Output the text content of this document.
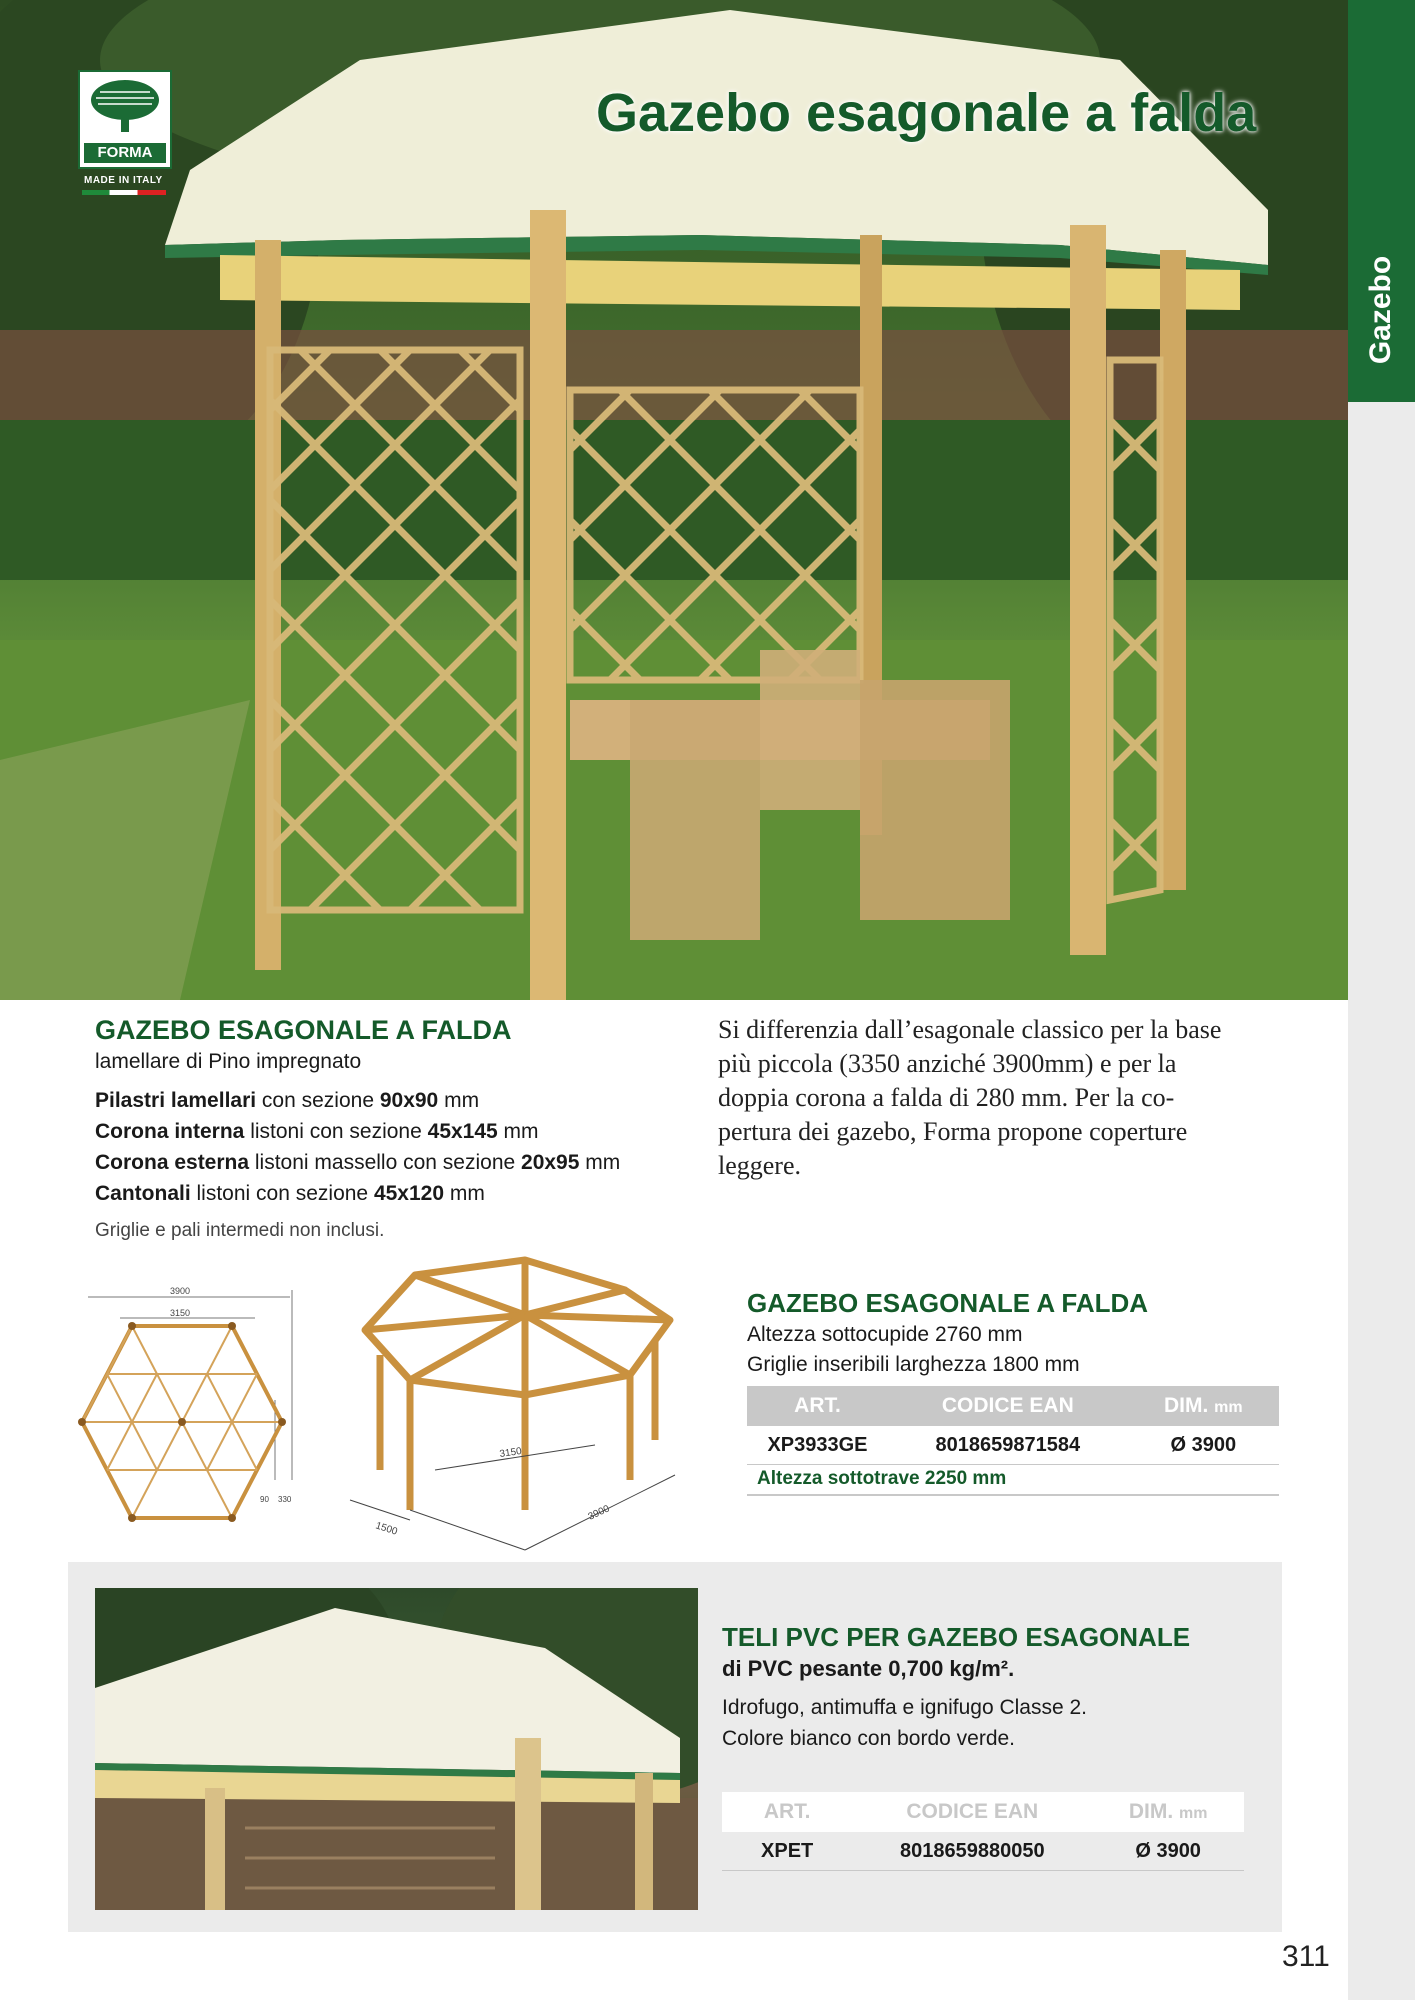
FORMA
MADE IN ITALY
Gazebo esagonale a falda
Gazebo
GAZEBO ESAGONALE A FALDA
lamellare di Pino impregnato
Pilastri lamellari con sezione 90x90 mm
Corona interna listoni con sezione 45x145 mm
Corona esterna listoni massello con sezione 20x95 mm
Cantonali listoni con sezione 45x120 mm
Griglie e pali intermedi non inclusi.
Si differenzia dall’esagonale classico per la base
più piccola (3350 anziché 3900mm) e per la
doppia corona a falda di 280 mm. Per la co-
pertura dei gazebo, Forma propone coperture
leggere.
3900
3150
90 330
3150
1500
3900
GAZEBO ESAGONALE A FALDA
Altezza sottocupide 2760 mm
Griglie inseribili larghezza 1800 mm
ART.	CODICE EAN	DIM. mm
XP3933GE	8018659871584	Ø 3900
Altezza sottotrave 2250 mm
TELI PVC PER GAZEBO ESAGONALE
di PVC pesante 0,700 kg/m².
Idrofugo, antimuffa e ignifugo Classe 2.
Colore bianco con bordo verde.
ART.	CODICE EAN	DIM. mm
XPET	8018659880050	Ø 3900
311
